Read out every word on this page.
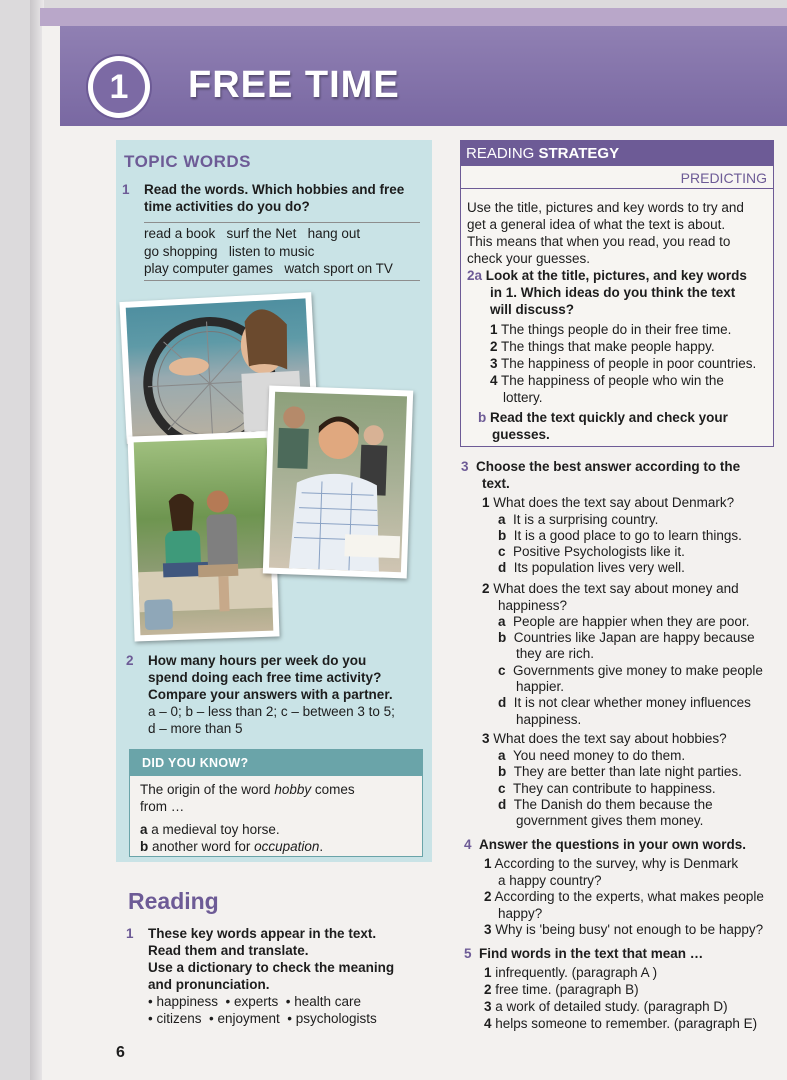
1	FREE TIME
TOPIC WORDS
1 Read the words. Which hobbies and free
time activities do you do?
read a book   surf the Net   hang out
go shopping   listen to music
play computer games   watch sport on TV
2 How many hours per week do you
spend doing each free time activity?
Compare your answers with a partner.
a – 0; b – less than 2; c – between 3 to 5;
d – more than 5
DID YOU KNOW?
The origin of the word hobby comes
from …
a a medieval toy horse.
b another word for occupation.
Reading
1 These key words appear in the text.
Read them and translate.
Use a dictionary to check the meaning
and pronunciation.
• happiness  • experts  • health care
• citizens  • enjoyment  • psychologists
READING STRATEGY
PREDICTING
Use the title, pictures and key words to try and
get a general idea of what the text is about.
This means that when you read, you read to
check your guesses.
2a Look at the title, pictures, and key words
in 1. Which ideas do you think the text
will discuss?
1 The things people do in their free time.
2 The things that make people happy.
3 The happiness of people in poor countries.
4 The happiness of people who win the
lottery.
b Read the text quickly and check your
guesses.
3 Choose the best answer according to the
text.
1 What does the text say about Denmark?
a It is a surprising country.
b It is a good place to go to learn things.
c Positive Psychologists like it.
d Its population lives very well.
2 What does the text say about money and
happiness?
a People are happier when they are poor.
b Countries like Japan are happy because
they are rich.
c Governments give money to make people
happier.
d It is not clear whether money influences
happiness.
3 What does the text say about hobbies?
a You need money to do them.
b They are better than late night parties.
c They can contribute to happiness.
d The Danish do them because the
government gives them money.
4 Answer the questions in your own words.
1 According to the survey, why is Denmark
a happy country?
2 According to the experts, what makes people
happy?
3 Why is 'being busy' not enough to be happy?
5 Find words in the text that mean …
1 infrequently. (paragraph A )
2 free time. (paragraph B)
3 a work of detailed study. (paragraph D)
4 helps someone to remember. (paragraph E)
6
